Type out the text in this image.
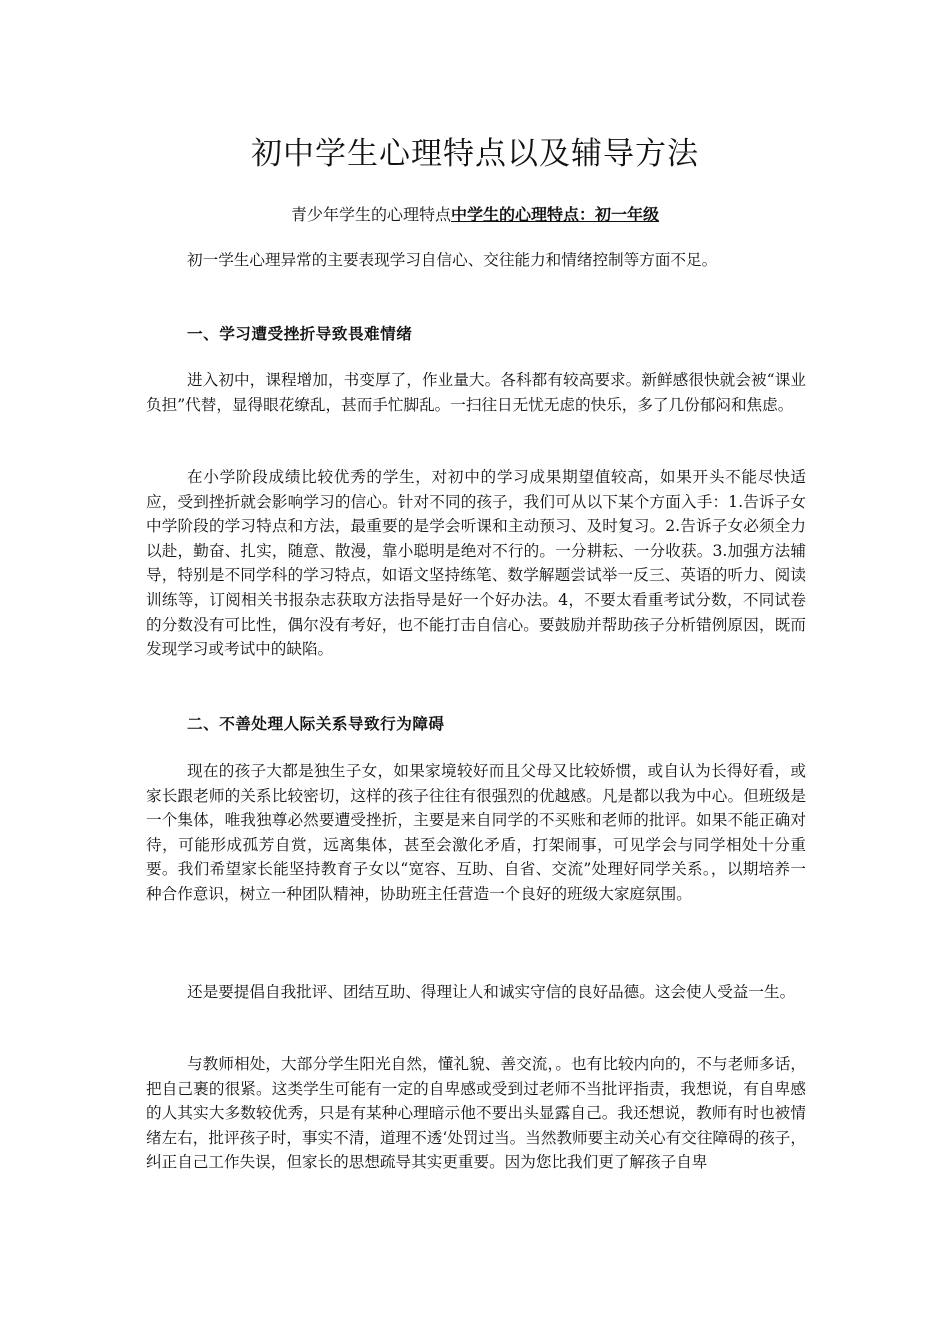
初中学生心理特点以及辅导方法

青少年学生的心理特点中学生的心理特点：初一年级

初一学生心理异常的主要表现学习自信心、交往能力和情绪控制等方面不足。

一、学习遭受挫折导致畏难情绪

进入初中，课程增加，书变厚了，作业量大。各科都有较高要求。新鲜感很快就会被“课业负担”代替，显得眼花缭乱，甚而手忙脚乱。一扫往日无忧无虑的快乐，多了几份郁闷和焦虑。

在小学阶段成绩比较优秀的学生，对初中的学习成果期望值较高，如果开头不能尽快适应，受到挫折就会影响学习的信心。针对不同的孩子，我们可从以下某个方面入手：1.告诉子女中学阶段的学习特点和方法，最重要的是学会听课和主动预习、及时复习。2.告诉子女必须全力以赴，勤奋、扎实，随意、散漫，靠小聪明是绝对不行的。一分耕耘、一分收获。3.加强方法辅导，特别是不同学科的学习特点，如语文坚持练笔、数学解题尝试举一反三、英语的听力、阅读训练等，订阅相关书报杂志获取方法指导是好一个好办法。4，不要太看重考试分数，不同试卷的分数没有可比性，偶尔没有考好，也不能打击自信心。要鼓励并帮助孩子分析错例原因，既而发现学习或考试中的缺陷。

二、不善处理人际关系导致行为障碍

现在的孩子大都是独生子女，如果家境较好而且父母又比较娇惯，或自认为长得好看，或家长跟老师的关系比较密切，这样的孩子往往有很强烈的优越感。凡是都以我为中心。但班级是一个集体，唯我独尊必然要遭受挫折，主要是来自同学的不买账和老师的批评。如果不能正确对待，可能形成孤芳自赏，远离集体，甚至会激化矛盾，打架闹事，可见学会与同学相处十分重要。我们希望家长能坚持教育子女以“宽容、互助、自省、交流”处理好同学关系。，以期培养一种合作意识，树立一种团队精神，协助班主任营造一个良好的班级大家庭氛围。

还是要提倡自我批评、团结互助、得理让人和诚实守信的良好品德。这会使人受益一生。

与教师相处，大部分学生阳光自然，懂礼貌、善交流，。也有比较内向的，不与老师多话，把自己裹的很紧。这类学生可能有一定的自卑感或受到过老师不当批评指责，我想说，有自卑感的人其实大多数较优秀，只是有某种心理暗示他不要出头显露自己。我还想说，教师有时也被情绪左右，批评孩子时，事实不清，道理不透‘处罚过当。当然教师要主动关心有交往障碍的孩子，纠正自己工作失误，但家长的思想疏导其实更重要。因为您比我们更了解孩子自卑
